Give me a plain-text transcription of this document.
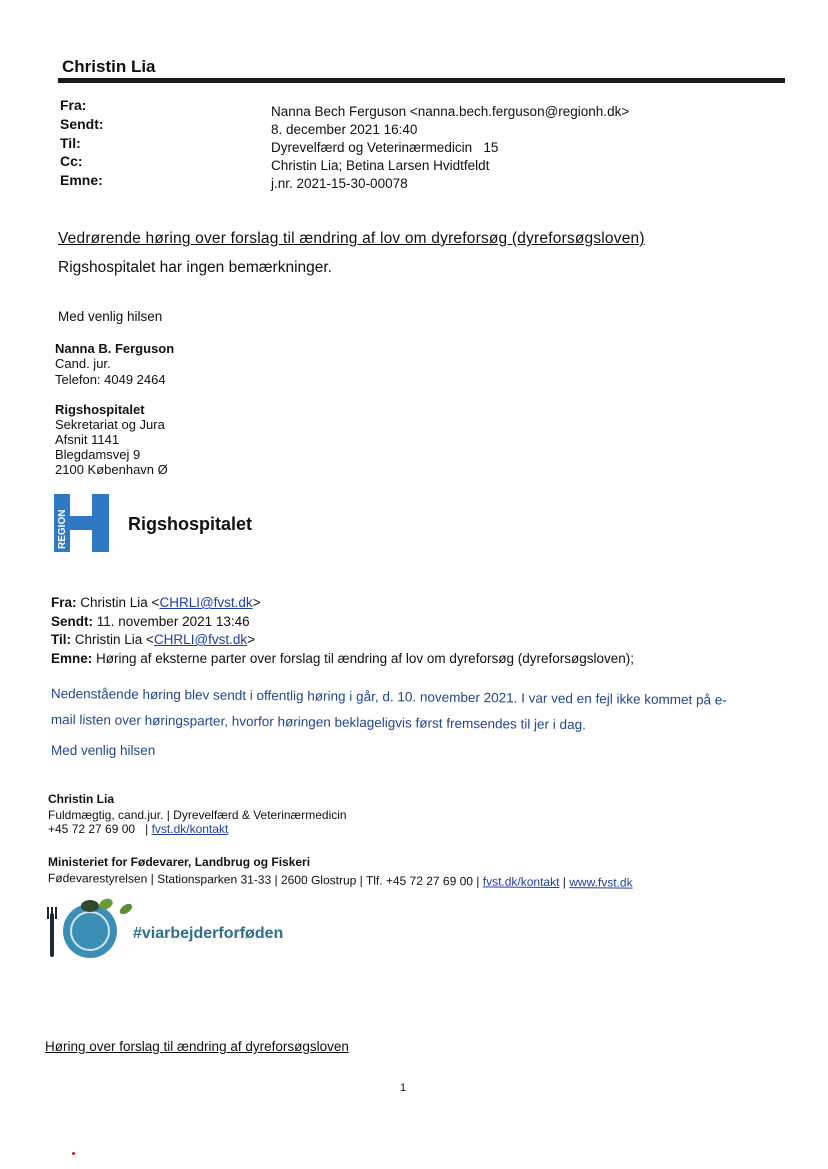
Christin Lia
Fra:
Sendt:
Til:
Cc:
Emne:
Nanna Bech Ferguson <nanna.bech.ferguson@regionh.dk>
8. december 2021 16:40
Dyrevelfærd og Veterinærmedicin   15
Christin Lia; Betina Larsen Hvidtfeldt
j.nr. 2021-15-30-00078
Vedrørende høring over forslag til ændring af lov om dyreforsøg (dyreforsøgsloven)
Rigshospitalet har ingen bemærkninger.
Med venlig hilsen
Nanna B. Ferguson
Cand. jur.
Telefon: 4049 2464
Rigshospitalet
Sekretariat og Jura
Afsnit 1141
Blegdamsvej 9
2100 København Ø
REGION	Rigshospitalet
Fra: Christin Lia <CHRLI@fvst.dk>
Sendt: 11. november 2021 13:46
Til: Christin Lia <CHRLI@fvst.dk>
Emne: Høring af eksterne parter over forslag til ændring af lov om dyreforsøg (dyreforsøgsloven);
Nedenstående høring blev sendt i offentlig høring i går, d. 10. november 2021. I var ved en fejl ikke kommet på e-
mail listen over høringsparter, hvorfor høringen beklageligvis først fremsendes til jer i dag.
Med venlig hilsen
Christin Lia
Fuldmægtig, cand.jur. | Dyrevelfærd & Veterinærmedicin
+45 72 27 69 00 | fvst.dk/kontakt
Ministeriet for Fødevarer, Landbrug og Fiskeri
Fødevarestyrelsen | Stationsparken 31-33 | 2600 Glostrup | Tlf. +45 72 27 69 00 | fvst.dk/kontakt | www.fvst.dk
#viarbejderforføden
Høring over forslag til ændring af dyreforsøgsloven
1
